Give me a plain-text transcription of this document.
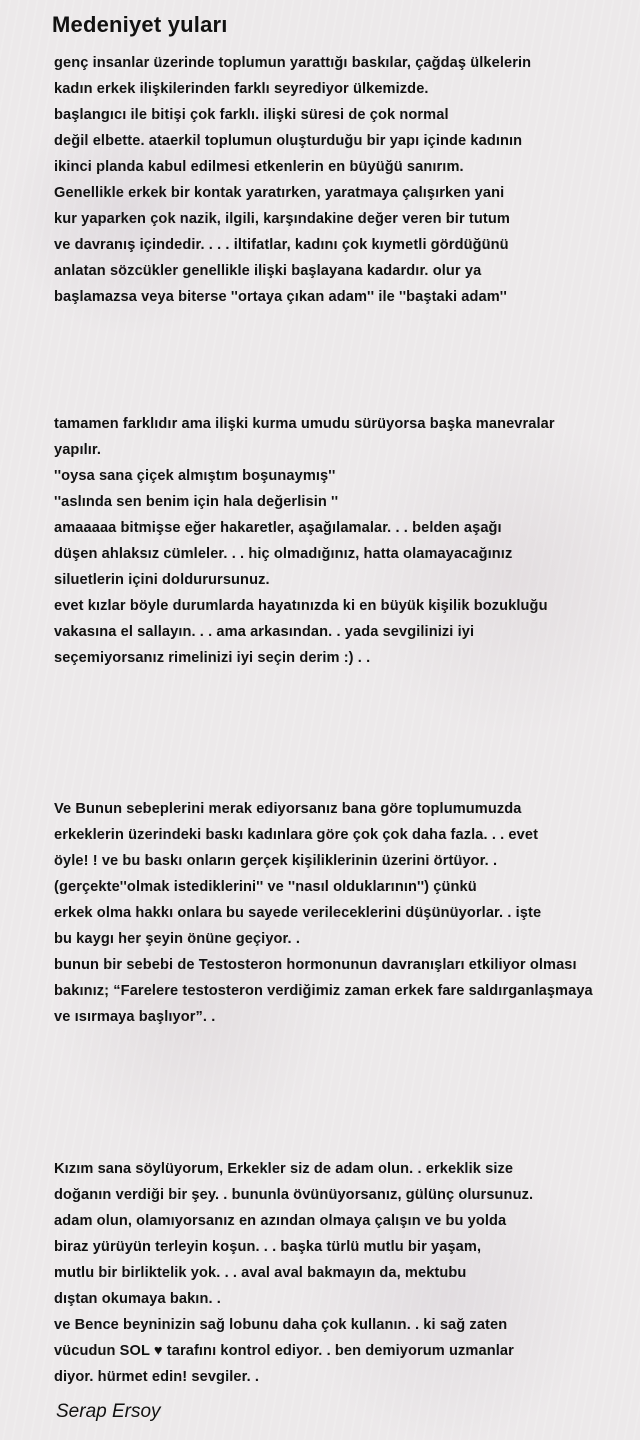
Medeniyet yuları
genç insanlar üzerinde toplumun yarattığı baskılar, çağdaş ülkelerin
kadın erkek ilişkilerinden farklı seyrediyor ülkemizde.
başlangıcı ile bitişi çok farklı. ilişki süresi de çok normal
değil elbette. ataerkil toplumun oluşturduğu bir yapı içinde kadının
ikinci planda kabul edilmesi etkenlerin en büyüğü sanırım.
Genellikle erkek bir kontak yaratırken, yaratmaya çalışırken yani
kur yaparken çok nazik, ilgili, karşındakine değer veren bir tutum
ve davranış içindedir. . . . iltifatlar, kadını çok kıymetli gördüğünü
anlatan sözcükler genellikle ilişki başlayana kadardır. olur ya
başlamazsa veya biterse ''ortaya çıkan adam'' ile ''baştaki adam''
tamamen farklıdır ama ilişki kurma umudu sürüyorsa başka manevralar
yapılır.
''oysa sana çiçek almıştım boşunaymış''
''aslında sen benim için hala değerlisin ''
amaaaaa bitmişse eğer hakaretler, aşağılamalar. . . belden aşağı
düşen ahlaksız cümleler. . . hiç olmadığınız, hatta olamayacağınız
siluetlerin içini doldurursunuz.
evet kızlar böyle durumlarda hayatınızda ki en büyük kişilik bozukluğu
vakasına el sallayın. . . ama arkasından. . yada sevgilinizi iyi
seçemiyorsanız rimelinizi iyi seçin derim :) . .
Ve Bunun sebeplerini merak ediyorsanız bana göre toplumumuzda
erkeklerin üzerindeki baskı kadınlara göre çok çok daha fazla. . . evet
öyle! ! ve bu baskı onların gerçek kişiliklerinin üzerini örtüyor. .
(gerçekte''olmak istediklerini'' ve ''nasıl olduklarının'') çünkü
erkek olma hakkı onlara bu sayede verileceklerini düşünüyorlar. . işte
bu kaygı her şeyin önüne geçiyor. .
bunun bir sebebi de Testosteron hormonunun davranışları etkiliyor olması
bakınız; “Farelere testosteron verdiğimiz zaman erkek fare saldırganlaşmaya
ve ısırmaya başlıyor”. .
Kızım sana söylüyorum, Erkekler siz de adam olun. . erkeklik size
doğanın verdiği bir şey. . bununla övünüyorsanız, gülünç olursunuz.
adam olun, olamıyorsanız en azından olmaya çalışın ve bu yolda
biraz yürüyün terleyin koşun. . . başka türlü mutlu bir yaşam,
mutlu bir birliktelik yok. . . aval aval bakmayın da, mektubu
dıştan okumaya bakın. .
ve Bence beyninizin sağ lobunu daha çok kullanın. . ki sağ zaten
vücudun SOL ♥ tarafını kontrol ediyor. . ben demiyorum uzmanlar
diyor. hürmet edin! sevgiler. .
Serap Ersoy
